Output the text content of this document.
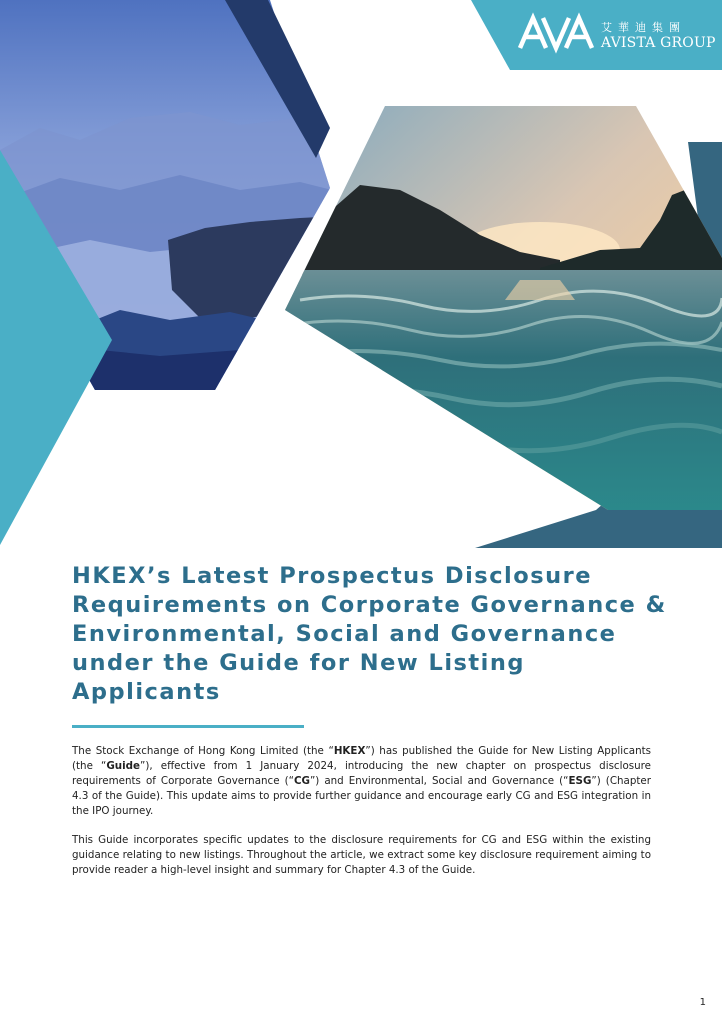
艾華迪集團
AVISTA GROUP
HKEX’s Latest Prospectus Disclosure Requirements on Corporate Governance & Environmental, Social and Governance under the Guide for New Listing Applicants

The Stock Exchange of Hong Kong Limited (the “HKEX”) has published the Guide for New Listing Applicants (the “Guide”), effective from 1 January 2024, introducing the new chapter on prospectus disclosure requirements of Corporate Governance (“CG”) and Environmental, Social and Governance (“ESG”) (Chapter 4.3 of the Guide). This update aims to provide further guidance and encourage early CG and ESG integration in the IPO journey.

This Guide incorporates specific updates to the disclosure requirements for CG and ESG within the existing guidance relating to new listings. Throughout the article, we extract some key disclosure requirement aiming to provide reader a high-level insight and summary for Chapter 4.3 of the Guide.

1
